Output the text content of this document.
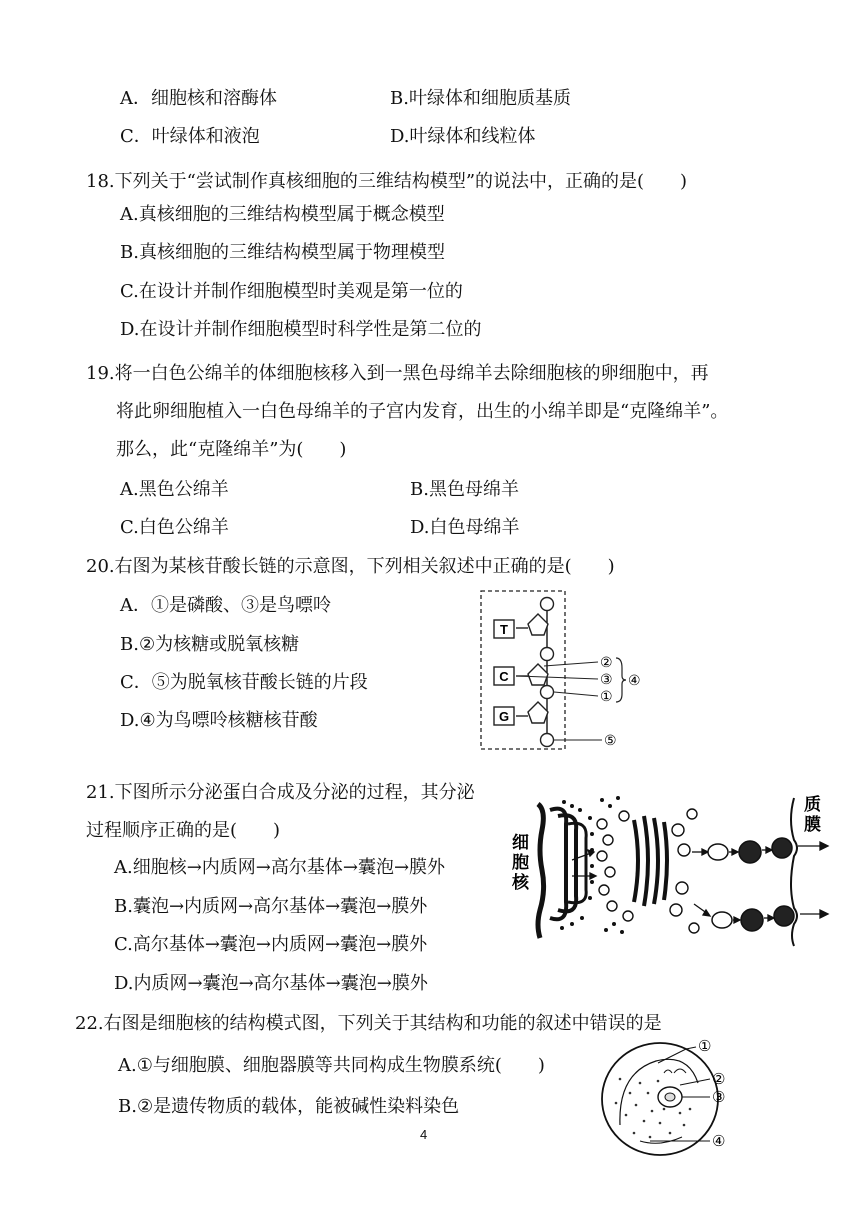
A．细胞核和溶酶体	B.叶绿体和细胞质基质
C．叶绿体和液泡	D.叶绿体和线粒体
18.下列关于“尝试制作真核细胞的三维结构模型”的说法中，正确的是(　　)
A.真核细胞的三维结构模型属于概念模型
B.真核细胞的三维结构模型属于物理模型
C.在设计并制作细胞模型时美观是第一位的
D.在设计并制作细胞模型时科学性是第二位的
19.将一白色公绵羊的体细胞核移入到一黑色母绵羊去除细胞核的卵细胞中，再
将此卵细胞植入一白色母绵羊的子宫内发育，出生的小绵羊即是“克隆绵羊”。
那么，此“克隆绵羊”为(　　)
A.黑色公绵羊	B.黑色母绵羊
C.白色公绵羊	D.白色母绵羊
20.右图为某核苷酸长链的示意图，下列相关叙述中正确的是(　　)
A．①是磷酸、③是鸟嘌呤
B.②为核糖或脱氧核糖
C．⑤为脱氧核苷酸长链的片段
D.④为鸟嘌呤核糖核苷酸
T
C
G
②
③
①
④
⑤
21.下图所示分泌蛋白合成及分泌的过程，其分泌
过程顺序正确的是(　　)
A.细胞核→内质网→高尔基体→囊泡→膜外
B.囊泡→内质网→高尔基体→囊泡→膜外
C.高尔基体→囊泡→内质网→囊泡→膜外
D.内质网→囊泡→高尔基体→囊泡→膜外
细 胞 核
质 膜
22.右图是细胞核的结构模式图，下列关于其结构和功能的叙述中错误的是
A.①与细胞膜、细胞器膜等共同构成生物膜系统(　　)
B.②是遗传物质的载体，能被碱性染料染色
①
②
③
④
4
